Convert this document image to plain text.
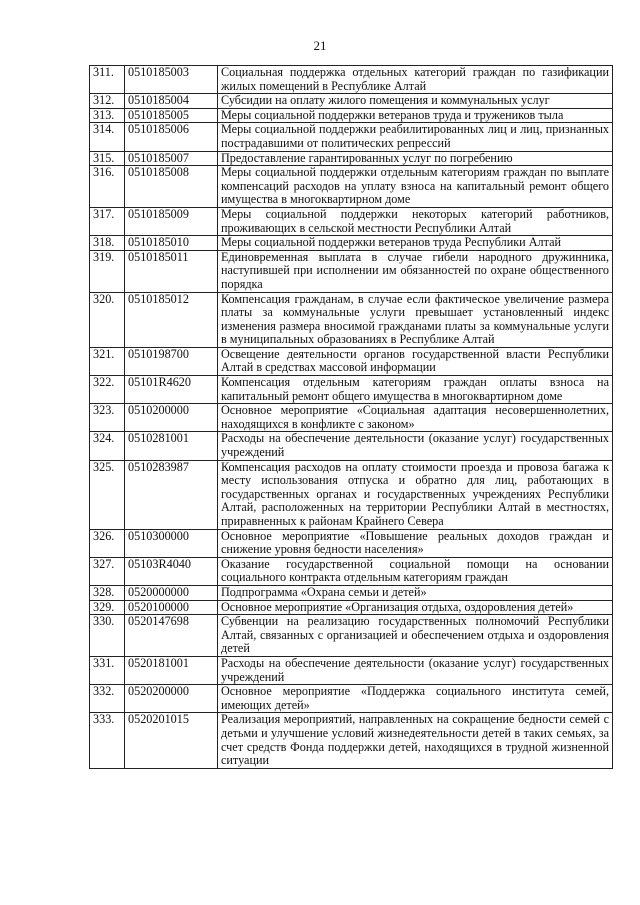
21
311.	0510185003	Социальная поддержка отдельных категорий граждан по газификации жилых помещений в Республике Алтай
312.	0510185004	Субсидии на оплату жилого помещения и коммунальных услуг
313.	0510185005	Меры социальной поддержки ветеранов труда и тружеников тыла
314.	0510185006	Меры социальной поддержки реабилитированных лиц и лиц, признанных пострадавшими от политических репрессий
315.	0510185007	Предоставление гарантированных услуг по погребению
316.	0510185008	Меры социальной поддержки отдельным категориям граждан по выплате компенсаций расходов на уплату взноса на капитальный ремонт общего имущества в многоквартирном доме
317.	0510185009	Меры социальной поддержки некоторых категорий работников, проживающих в сельской местности Республики Алтай
318.	0510185010	Меры социальной поддержки ветеранов труда Республики Алтай
319.	0510185011	Единовременная выплата в случае гибели народного дружинника, наступившей при исполнении им обязанностей по охране общественного порядка
320.	0510185012	Компенсация гражданам, в случае если фактическое увеличение размера платы за коммунальные услуги превышает установленный индекс изменения размера вносимой гражданами платы за коммунальные услуги в муниципальных образованиях в Республике Алтай
321.	0510198700	Освещение деятельности органов государственной власти Республики Алтай в средствах массовой информации
322.	05101R4620	Компенсация отдельным категориям граждан оплаты взноса на капитальный ремонт общего имущества в многоквартирном доме
323.	0510200000	Основное мероприятие «Социальная адаптация несовершеннолетних, находящихся в конфликте с законом»
324.	0510281001	Расходы на обеспечение деятельности (оказание услуг) государственных учреждений
325.	0510283987	Компенсация расходов на оплату стоимости проезда и провоза багажа к месту использования отпуска и обратно для лиц, работающих в государственных органах и государственных учреждениях Республики Алтай, расположенных на территории Республики Алтай в местностях, приравненных к районам Крайнего Севера
326.	0510300000	Основное мероприятие «Повышение реальных доходов граждан и снижение уровня бедности населения»
327.	05103R4040	Оказание государственной социальной помощи на основании социального контракта отдельным категориям граждан
328.	0520000000	Подпрограмма «Охрана семьи и детей»
329.	0520100000	Основное мероприятие «Организация отдыха, оздоровления детей»
330.	0520147698	Субвенции на реализацию государственных полномочий Республики Алтай, связанных с организацией и обеспечением отдыха и оздоровления детей
331.	0520181001	Расходы на обеспечение деятельности (оказание услуг) государственных учреждений
332.	0520200000	Основное мероприятие «Поддержка социального института семей, имеющих детей»
333.	0520201015	Реализация мероприятий, направленных на сокращение бедности семей с детьми и улучшение условий жизнедеятельности детей в таких семьях, за счет средств Фонда поддержки детей, находящихся в трудной жизненной ситуации
